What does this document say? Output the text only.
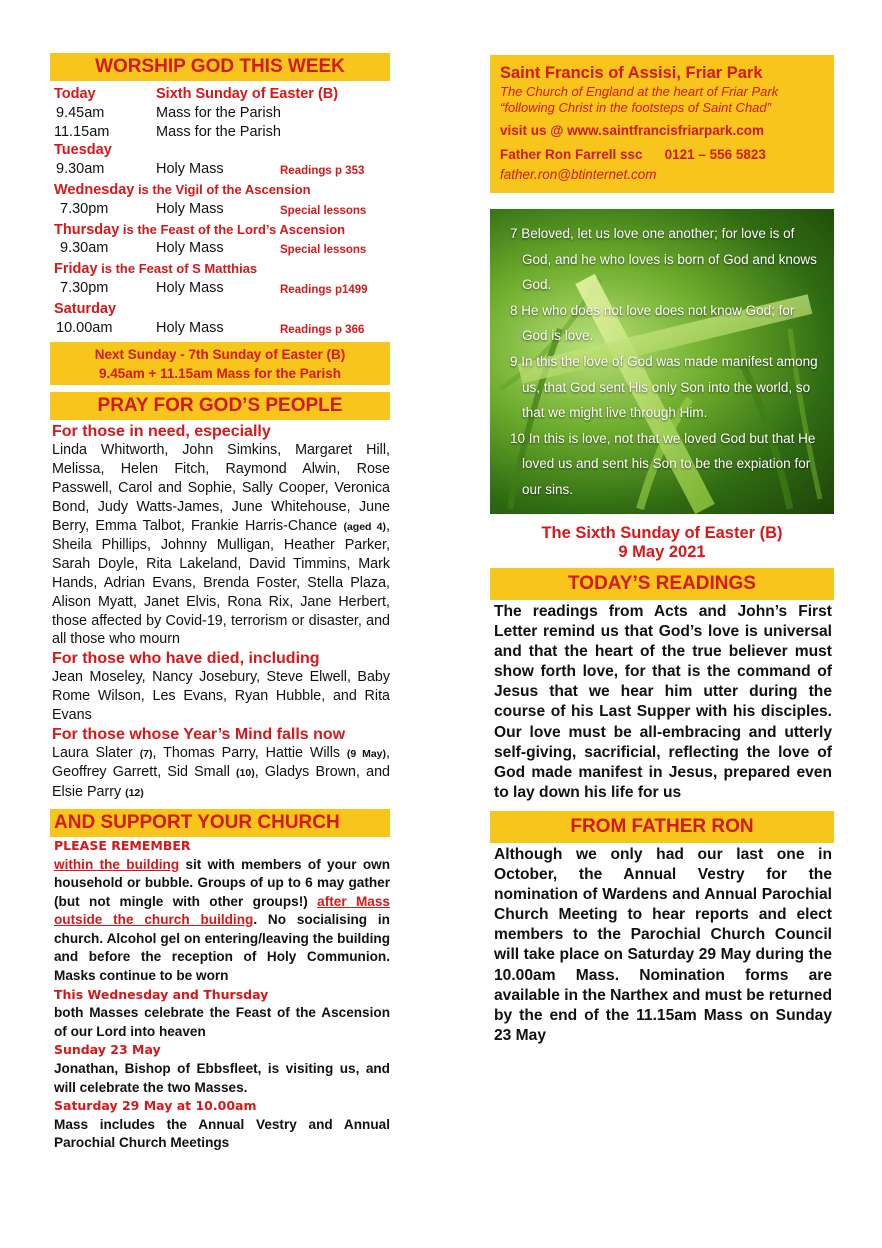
WORSHIP GOD THIS WEEK
Today	Sixth Sunday of Easter (B)
9.45am	Mass for the Parish
11.15am	Mass for the Parish
Tuesday
9.30am	Holy Mass	Readings p 353
Wednesday is the Vigil of the Ascension
7.30pm	Holy Mass	Special lessons
Thursday is the Feast of the Lord’s Ascension
9.30am	Holy Mass	Special lessons
Friday is the Feast of S Matthias
7.30pm	Holy Mass	Readings p1499
Saturday
10.00am	Holy Mass	Readings p 366
Next Sunday - 7th Sunday of Easter (B)
9.45am + 11.15am Mass for the Parish
PRAY FOR GOD’S PEOPLE
For those in need, especially
Linda Whitworth, John Simkins, Margaret Hill, Melissa, Helen Fitch, Raymond Alwin, Rose Passwell, Carol and Sophie, Sally Cooper, Veronica Bond, Judy Watts-James, June Whitehouse, June Berry, Emma Talbot, Frankie Harris-Chance (aged 4), Sheila Phillips, Johnny Mulligan, Heather Parker, Sarah Doyle, Rita Lakeland, David Timmins, Mark Hands, Adrian Evans, Brenda Foster, Stella Plaza, Alison Myatt, Janet Elvis, Rona Rix, Jane Herbert, those affected by Covid-19, terrorism or disaster, and all those who mourn
For those who have died, including
Jean Moseley, Nancy Josebury, Steve Elwell, Baby Rome Wilson, Les Evans, Ryan Hubble, and Rita Evans
For those whose Year’s Mind falls now
Laura Slater (7), Thomas Parry, Hattie Wills (9 May), Geoffrey Garrett, Sid Small (10), Gladys Brown, and Elsie Parry (12)
AND SUPPORT YOUR CHURCH
PLEASE REMEMBER
within the building sit with members of your own household or bubble. Groups of up to 6 may gather (but not mingle with other groups!) after Mass outside the church building. No socialising in church. Alcohol gel on entering/leaving the building and before the reception of Holy Communion. Masks continue to be worn
This Wednesday and Thursday
both Masses celebrate the Feast of the Ascension of our Lord into heaven
Sunday 23 May
Jonathan, Bishop of Ebbsfleet, is visiting us, and will celebrate the two Masses.
Saturday 29 May at 10.00am
Mass includes the Annual Vestry and Annual Parochial Church Meetings
Saint Francis of Assisi, Friar Park
The Church of England at the heart of Friar Park
“following Christ in the footsteps of Saint Chad”
visit us @ www.saintfrancisfriarpark.com
Father Ron Farrell ssc 0121 – 556 5823
father.ron@btinternet.com

7 Beloved, let us love one another; for love is of God, and he who loves is born of God and knows God.

8 He who does not love does not know God; for God is love.

9 In this the love of God was made manifest among us, that God sent His only Son into the world, so that we might live through Him.

10 In this is love, not that we loved God but that He loved us and sent his Son to be the expiation for our sins.

The Sixth Sunday of Easter (B)
9 May 2021
TODAY’S READINGS
The readings from Acts and John’s First Letter remind us that God’s love is universal and that the heart of the true believer must show forth love, for that is the command of Jesus that we hear him utter during the course of his Last Supper with his disciples. Our love must be all-embracing and utterly self-giving, sacrificial, reflecting the love of God made manifest in Jesus, prepared even to lay down his life for us
FROM FATHER RON
Although we only had our last one in October, the Annual Vestry for the nomination of Wardens and Annual Parochial Church Meeting to hear reports and elect members to the Parochial Church Council will take place on Saturday 29 May during the 10.00am Mass. Nomination forms are available in the Narthex and must be returned by the end of the 11.15am Mass on Sunday 23 May
